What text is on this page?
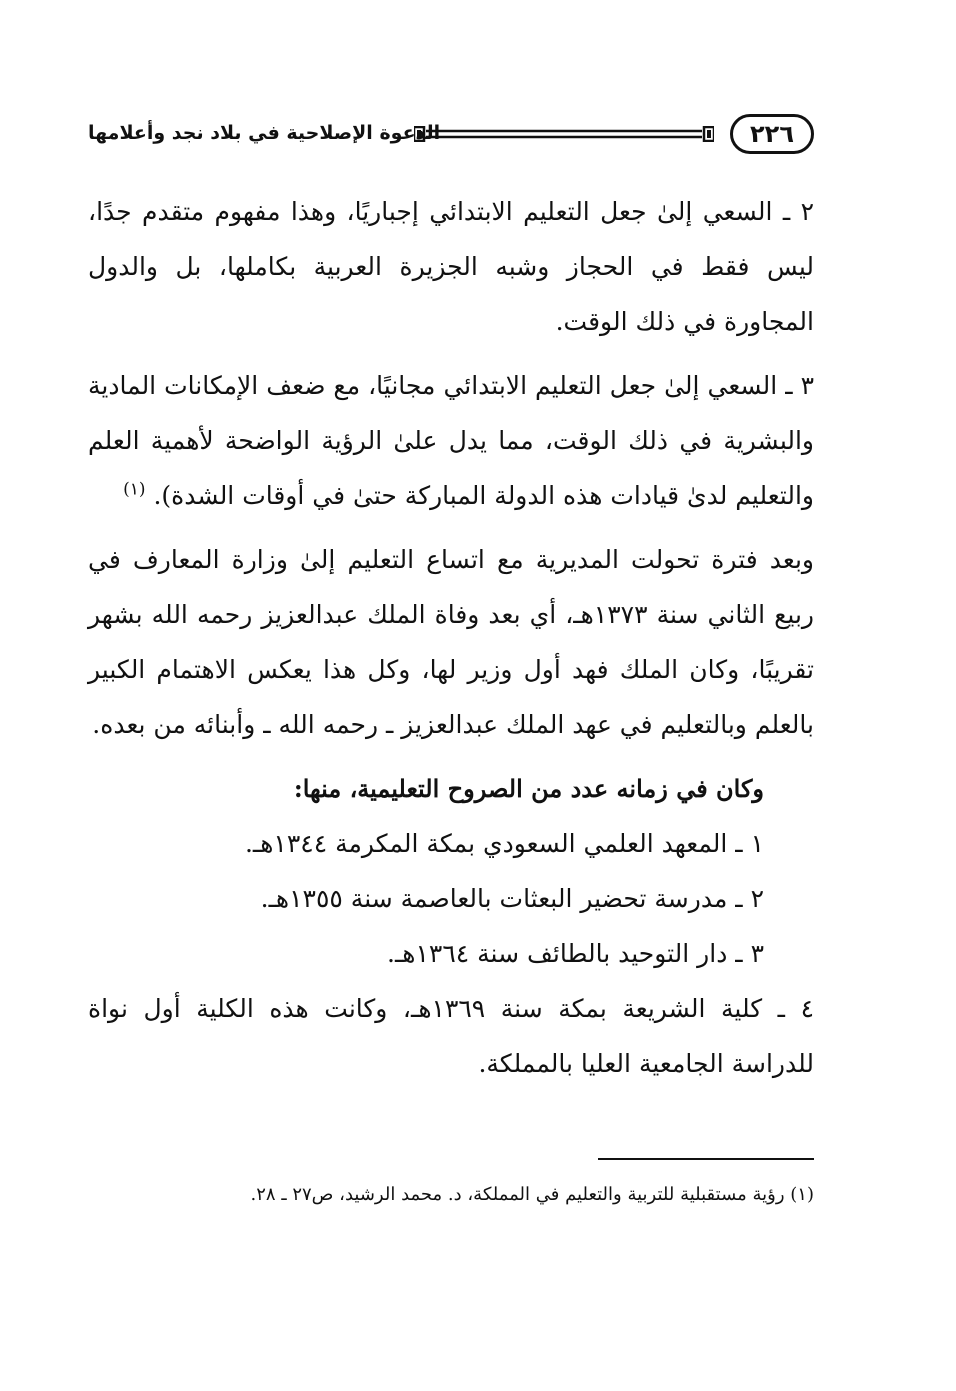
٢٢٦
الدعوة الإصلاحية في بلاد نجد وأعلامها

٢ ـ السعي إلىٰ جعل التعليم الابتدائي إجباريًا، وهذا مفهوم متقدم جدًا، ليس فقط في الحجاز وشبه الجزيرة العربية بكاملها، بل والدول المجاورة في ذلك الوقت.

٣ ـ السعي إلىٰ جعل التعليم الابتدائي مجانيًا، مع ضعف الإمكانات المادية والبشرية في ذلك الوقت، مما يدل علىٰ الرؤية الواضحة لأهمية العلم والتعليم لدىٰ قيادات هذه الدولة المباركة حتىٰ في أوقات الشدة). $^{(١)}$

وبعد فترة تحولت المديرية مع اتساع التعليم إلىٰ وزارة المعارف في ربيع الثاني سنة ١٣٧٣هـ، أي بعد وفاة الملك عبدالعزيز رحمه الله بشهر تقريبًا، وكان الملك فهد أول وزير لها، وكل هذا يعكس الاهتمام الكبير بالعلم وبالتعليم في عهد الملك عبدالعزيز ـ رحمه الله ـ وأبنائه من بعده.

وكان في زمانه عدد من الصروح التعليمية، منها:

١ ـ المعهد العلمي السعودي بمكة المكرمة ١٣٤٤هـ.

٢ ـ مدرسة تحضير البعثات بالعاصمة سنة ١٣٥٥هـ.

٣ ـ دار التوحيد بالطائف سنة ١٣٦٤هـ.

٤ ـ كلية الشريعة بمكة سنة ١٣٦٩هـ، وكانت هذه الكلية أول نواة للدراسة الجامعية العليا بالمملكة.

(١) رؤية مستقبلية للتربية والتعليم في المملكة، د. محمد الرشيد، ص٢٧ ـ ٢٨.
